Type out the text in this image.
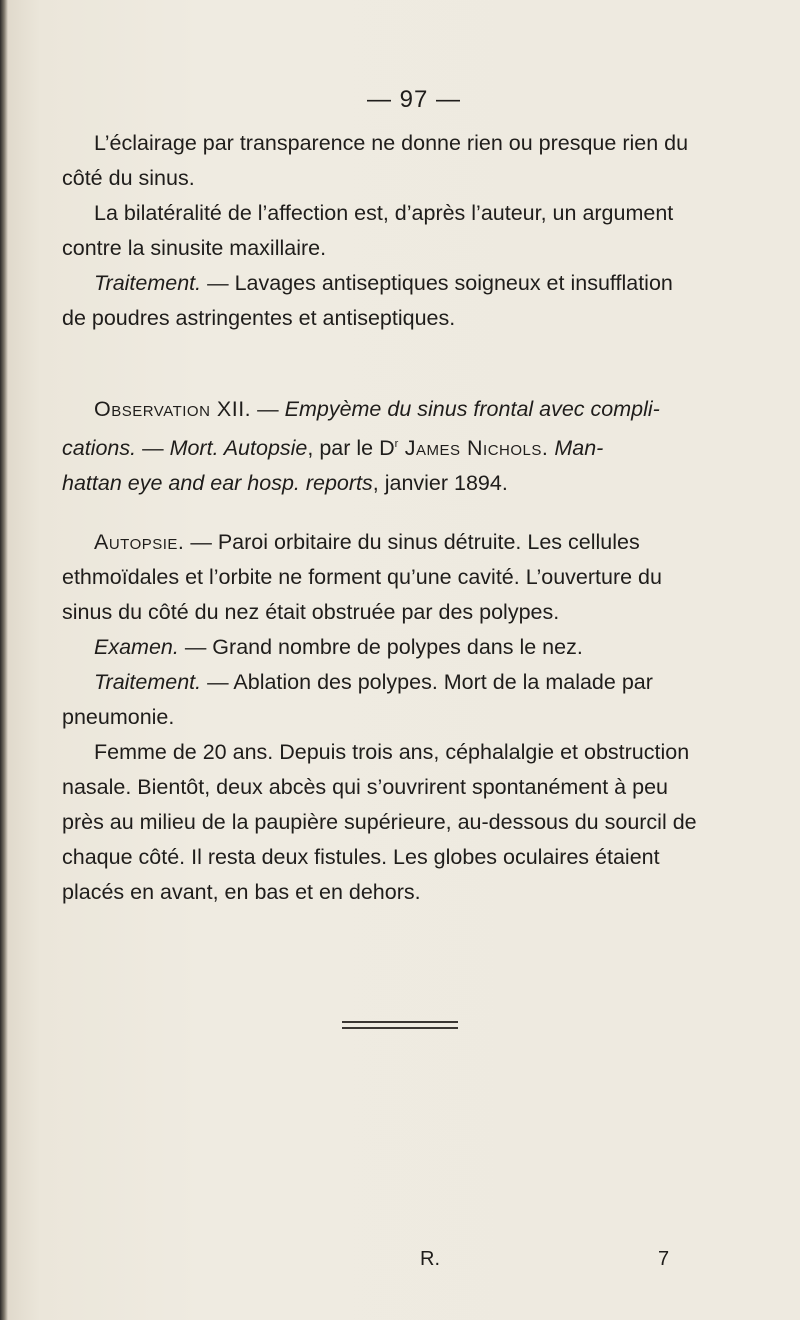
— 97 —
L’éclairage par transparence ne donne rien ou presque rien du
côté du sinus.
La bilatéralité de l’affection est, d’après l’auteur, un argument
contre la sinusite maxillaire.
Traitement. — Lavages antiseptiques soigneux et insufflation
de poudres astringentes et antiseptiques.
Observation XII. — Empyème du sinus frontal avec compli-
cations. — Mort. Autopsie, par le $D^r$ James Nichols. Man-
hattan eye and ear hosp. reports, janvier 1894.
Autopsie. — Paroi orbitaire du sinus détruite. Les cellules
ethmoïdales et l’orbite ne forment qu’une cavité. L’ouverture du
sinus du côté du nez était obstruée par des polypes.
Examen. — Grand nombre de polypes dans le nez.
Traitement. — Ablation des polypes. Mort de la malade par
pneumonie.
Femme de 20 ans. Depuis trois ans, céphalalgie et obstruction
nasale. Bientôt, deux abcès qui s’ouvrirent spontanément à peu
près au milieu de la paupière supérieure, au-dessous du sourcil de
chaque côté. Il resta deux fistules. Les globes oculaires étaient
placés en avant, en bas et en dehors.
R.	7
